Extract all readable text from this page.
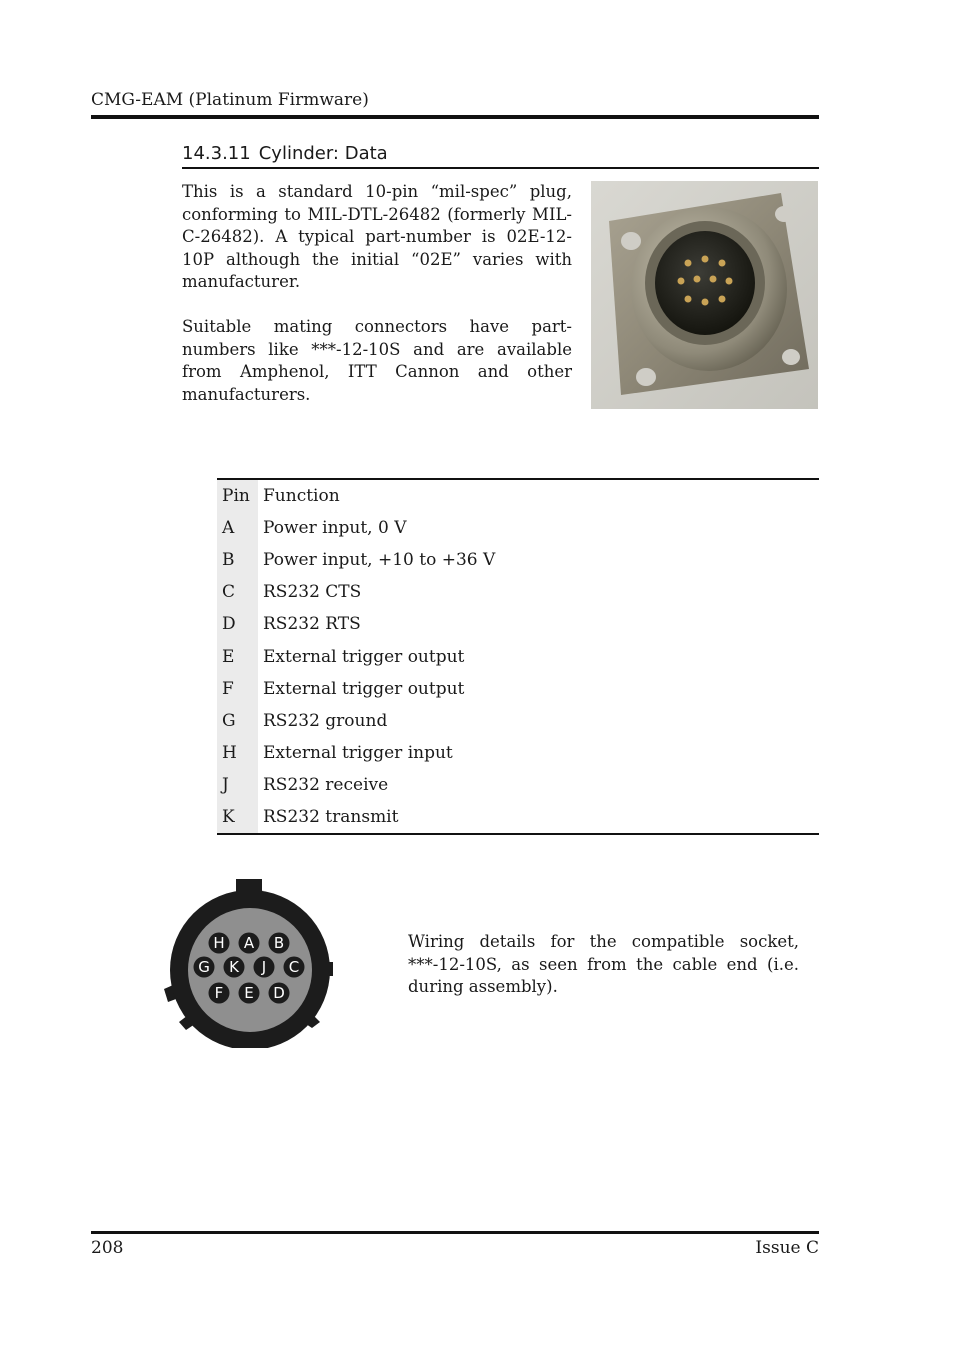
CMG-EAM (Platinum Firmware)
14.3.11 Cylinder: Data

This is a standard 10-pin “mil-spec” plug, conforming to MIL-DTL-26482 (formerly MIL-C-26482). A typical part-number is 02E-12-10P although the initial “02E” varies with manufacturer.

Suitable mating connectors have part-numbers like ***-12-10S and are available from Amphenol, ITT Cannon and other manufacturers.

Pin	Function
A	Power input, 0 V
B	Power input, +10 to +36 V
C	RS232 CTS
D	RS232 RTS
E	External trigger output
F	External trigger output
G	RS232 ground
H	External trigger input
J	RS232 receive
K	RS232 transmit
H A B
G K J C
F E D
Wiring details for the compatible socket, ***-12-10S, as seen from the cable end (i.e. during assembly).
208	Issue C
